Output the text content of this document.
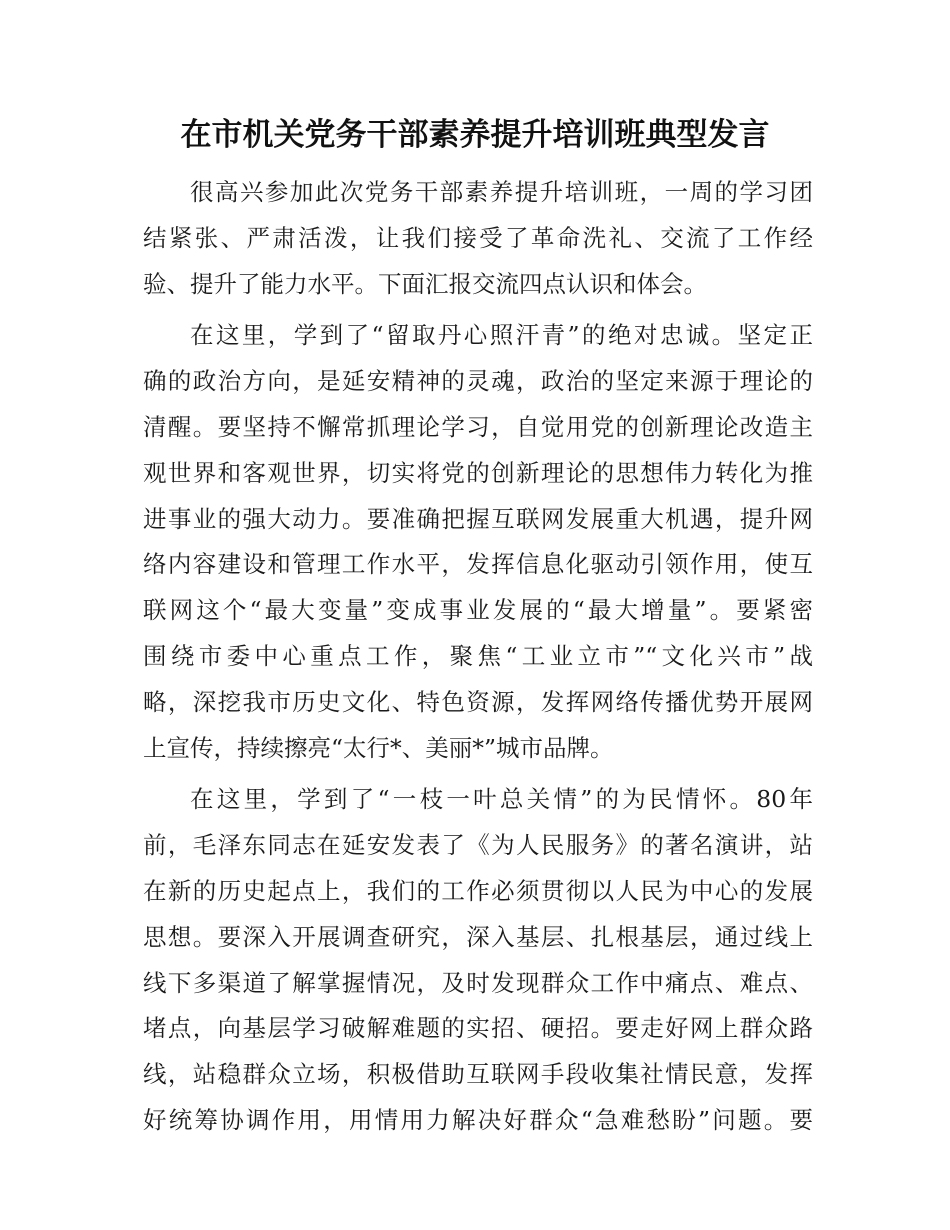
在市机关党务干部素养提升培训班典型发言
很高兴参加此次党务干部素养提升培训班，一周的学习团
结紧张、严肃活泼，让我们接受了革命洗礼、交流了工作经
验、提升了能力水平。下面汇报交流四点认识和体会。
在这里，学到了“留取丹心照汗青”的绝对忠诚。坚定正
确的政治方向，是延安精神的灵魂，政治的坚定来源于理论的
清醒。要坚持不懈常抓理论学习，自觉用党的创新理论改造主
观世界和客观世界，切实将党的创新理论的思想伟力转化为推
进事业的强大动力。要准确把握互联网发展重大机遇，提升网
络内容建设和管理工作水平，发挥信息化驱动引领作用，使互
联网这个“最大变量”变成事业发展的“最大增量”。要紧密
围绕市委中心重点工作，聚焦“工业立市”“文化兴市”战
略，深挖我市历史文化、特色资源，发挥网络传播优势开展网
上宣传，持续擦亮“太行*、美丽*”城市品牌。
在这里，学到了“一枝一叶总关情”的为民情怀。80年
前，毛泽东同志在延安发表了《为人民服务》的著名演讲，站
在新的历史起点上，我们的工作必须贯彻以人民为中心的发展
思想。要深入开展调查研究，深入基层、扎根基层，通过线上
线下多渠道了解掌握情况，及时发现群众工作中痛点、难点、
堵点，向基层学习破解难题的实招、硬招。要走好网上群众路
线，站稳群众立场，积极借助互联网手段收集社情民意，发挥
好统筹协调作用，用情用力解决好群众“急难愁盼”问题。要
